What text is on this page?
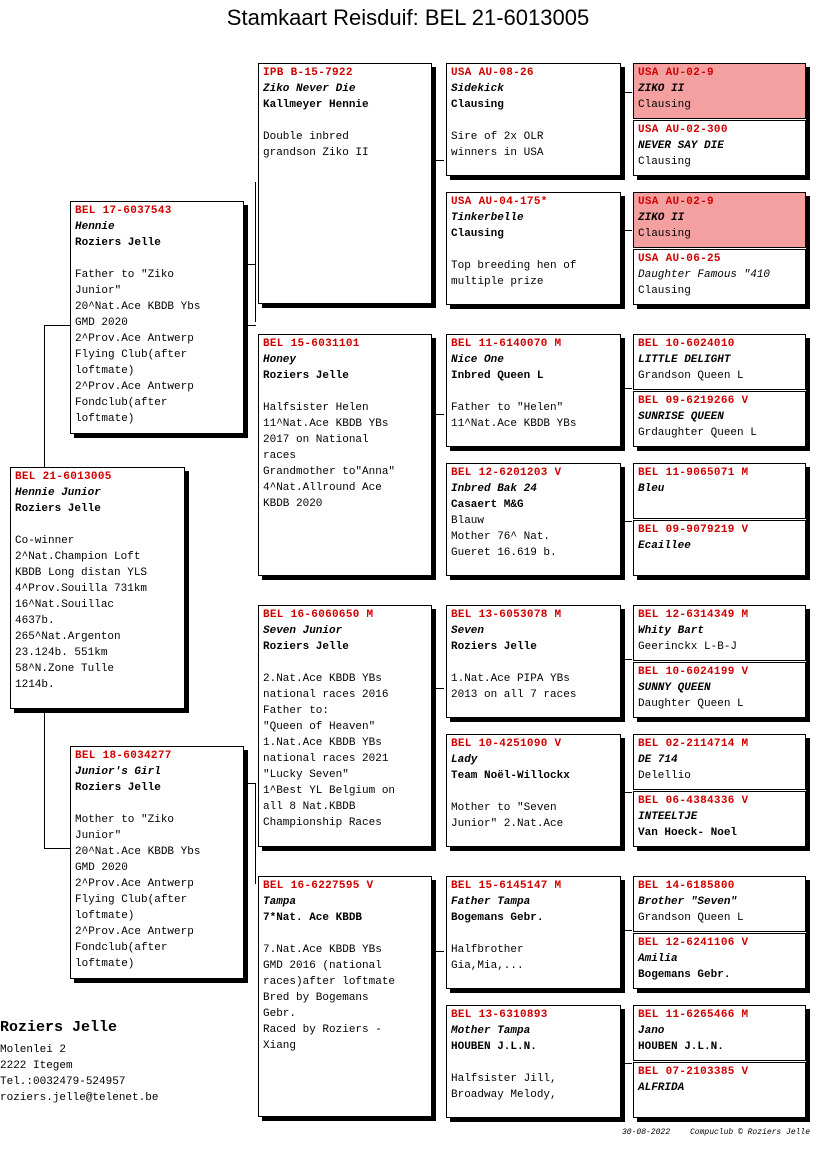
Stamkaart Reisduif: BEL 21-6013005
BEL 21-6013005
Hennie Junior
Roziers Jelle
Co-winner
2^Nat.Champion Loft
KBDB Long distan YLS
4^Prov.Souilla 731km
16^Nat.Souillac
4637b.
265^Nat.Argenton
23.124b. 551km
58^N.Zone Tulle
1214b.
BEL 17-6037543
Hennie
Roziers Jelle
Father to "Ziko
Junior"
20^Nat.Ace KBDB Ybs
GMD 2020
2^Prov.Ace Antwerp
Flying Club(after
loftmate)
2^Prov.Ace Antwerp
Fondclub(after
loftmate)
BEL 18-6034277
Junior's Girl
Roziers Jelle
Mother to "Ziko
Junior"
20^Nat.Ace KBDB Ybs
GMD 2020
2^Prov.Ace Antwerp
Flying Club(after
loftmate)
2^Prov.Ace Antwerp
Fondclub(after
loftmate)
IPB B-15-7922
Ziko Never Die
Kallmeyer Hennie
Double inbred
grandson Ziko II
BEL 15-6031101
Honey
Roziers Jelle
Halfsister Helen
11^Nat.Ace KBDB YBs
2017 on National
races
Grandmother to"Anna"
4^Nat.Allround Ace
KBDB 2020
BEL 16-6060650 M
Seven Junior
Roziers Jelle
2.Nat.Ace KBDB YBs
national races 2016
Father to:
"Queen of Heaven"
1.Nat.Ace KBDB YBs
national races 2021
"Lucky Seven"
1^Best YL Belgium on
all 8 Nat.KBDB
Championship Races
BEL 16-6227595 V
Tampa
7*Nat. Ace KBDB
7.Nat.Ace KBDB YBs
GMD 2016 (national
races)after loftmate
Bred by Bogemans
Gebr.
Raced by Roziers -
Xiang
USA AU-08-26
Sidekick
Clausing
Sire of 2x OLR
winners in USA
USA AU-04-175*
Tinkerbelle
Clausing
Top breeding hen of
multiple prize
BEL 11-6140070 M
Nice One
Inbred Queen L
Father to "Helen"
11^Nat.Ace KBDB YBs
BEL 12-6201203 V
Inbred Bak 24
Casaert M&G
Blauw
Mother 76^ Nat.
Gueret 16.619 b.
BEL 13-6053078 M
Seven
Roziers Jelle
1.Nat.Ace PIPA YBs
2013 on all 7 races
BEL 10-4251090 V
Lady
Team Noël-Willockx
Mother to "Seven
Junior" 2.Nat.Ace
BEL 15-6145147 M
Father Tampa
Bogemans Gebr.
Halfbrother
Gia,Mia,...
BEL 13-6310893
Mother Tampa
HOUBEN J.L.N.
Halfsister Jill,
Broadway Melody,
USA AU-02-9
ZIKO II
Clausing
USA AU-02-300
NEVER SAY DIE
Clausing
USA AU-02-9
ZIKO II
Clausing
USA AU-06-25
Daughter Famous "410
Clausing
BEL 10-6024010
LITTLE DELIGHT
Grandson Queen L
BEL 09-6219266 V
SUNRISE QUEEN
Grdaughter Queen L
BEL 11-9065071 M
Bleu
BEL 09-9079219 V
Ecaillee
BEL 12-6314349 M
Whity Bart
Geerinckx L-B-J
BEL 10-6024199 V
SUNNY QUEEN
Daughter Queen L
BEL 02-2114714 M
DE 714
Delellio
BEL 06-4384336 V
INTEELTJE
Van Hoeck- Noel
BEL 14-6185800
Brother "Seven"
Grandson Queen L
BEL 12-6241106 V
Amilia
Bogemans Gebr.
BEL 11-6265466 M
Jano
HOUBEN J.L.N.
BEL 07-2103385 V
ALFRIDA
Roziers Jelle
Molenlei 2
2222 Itegem
Tel.:0032479-524957
roziers.jelle@telenet.be
30-08-2022 Compuclub © Roziers Jelle
